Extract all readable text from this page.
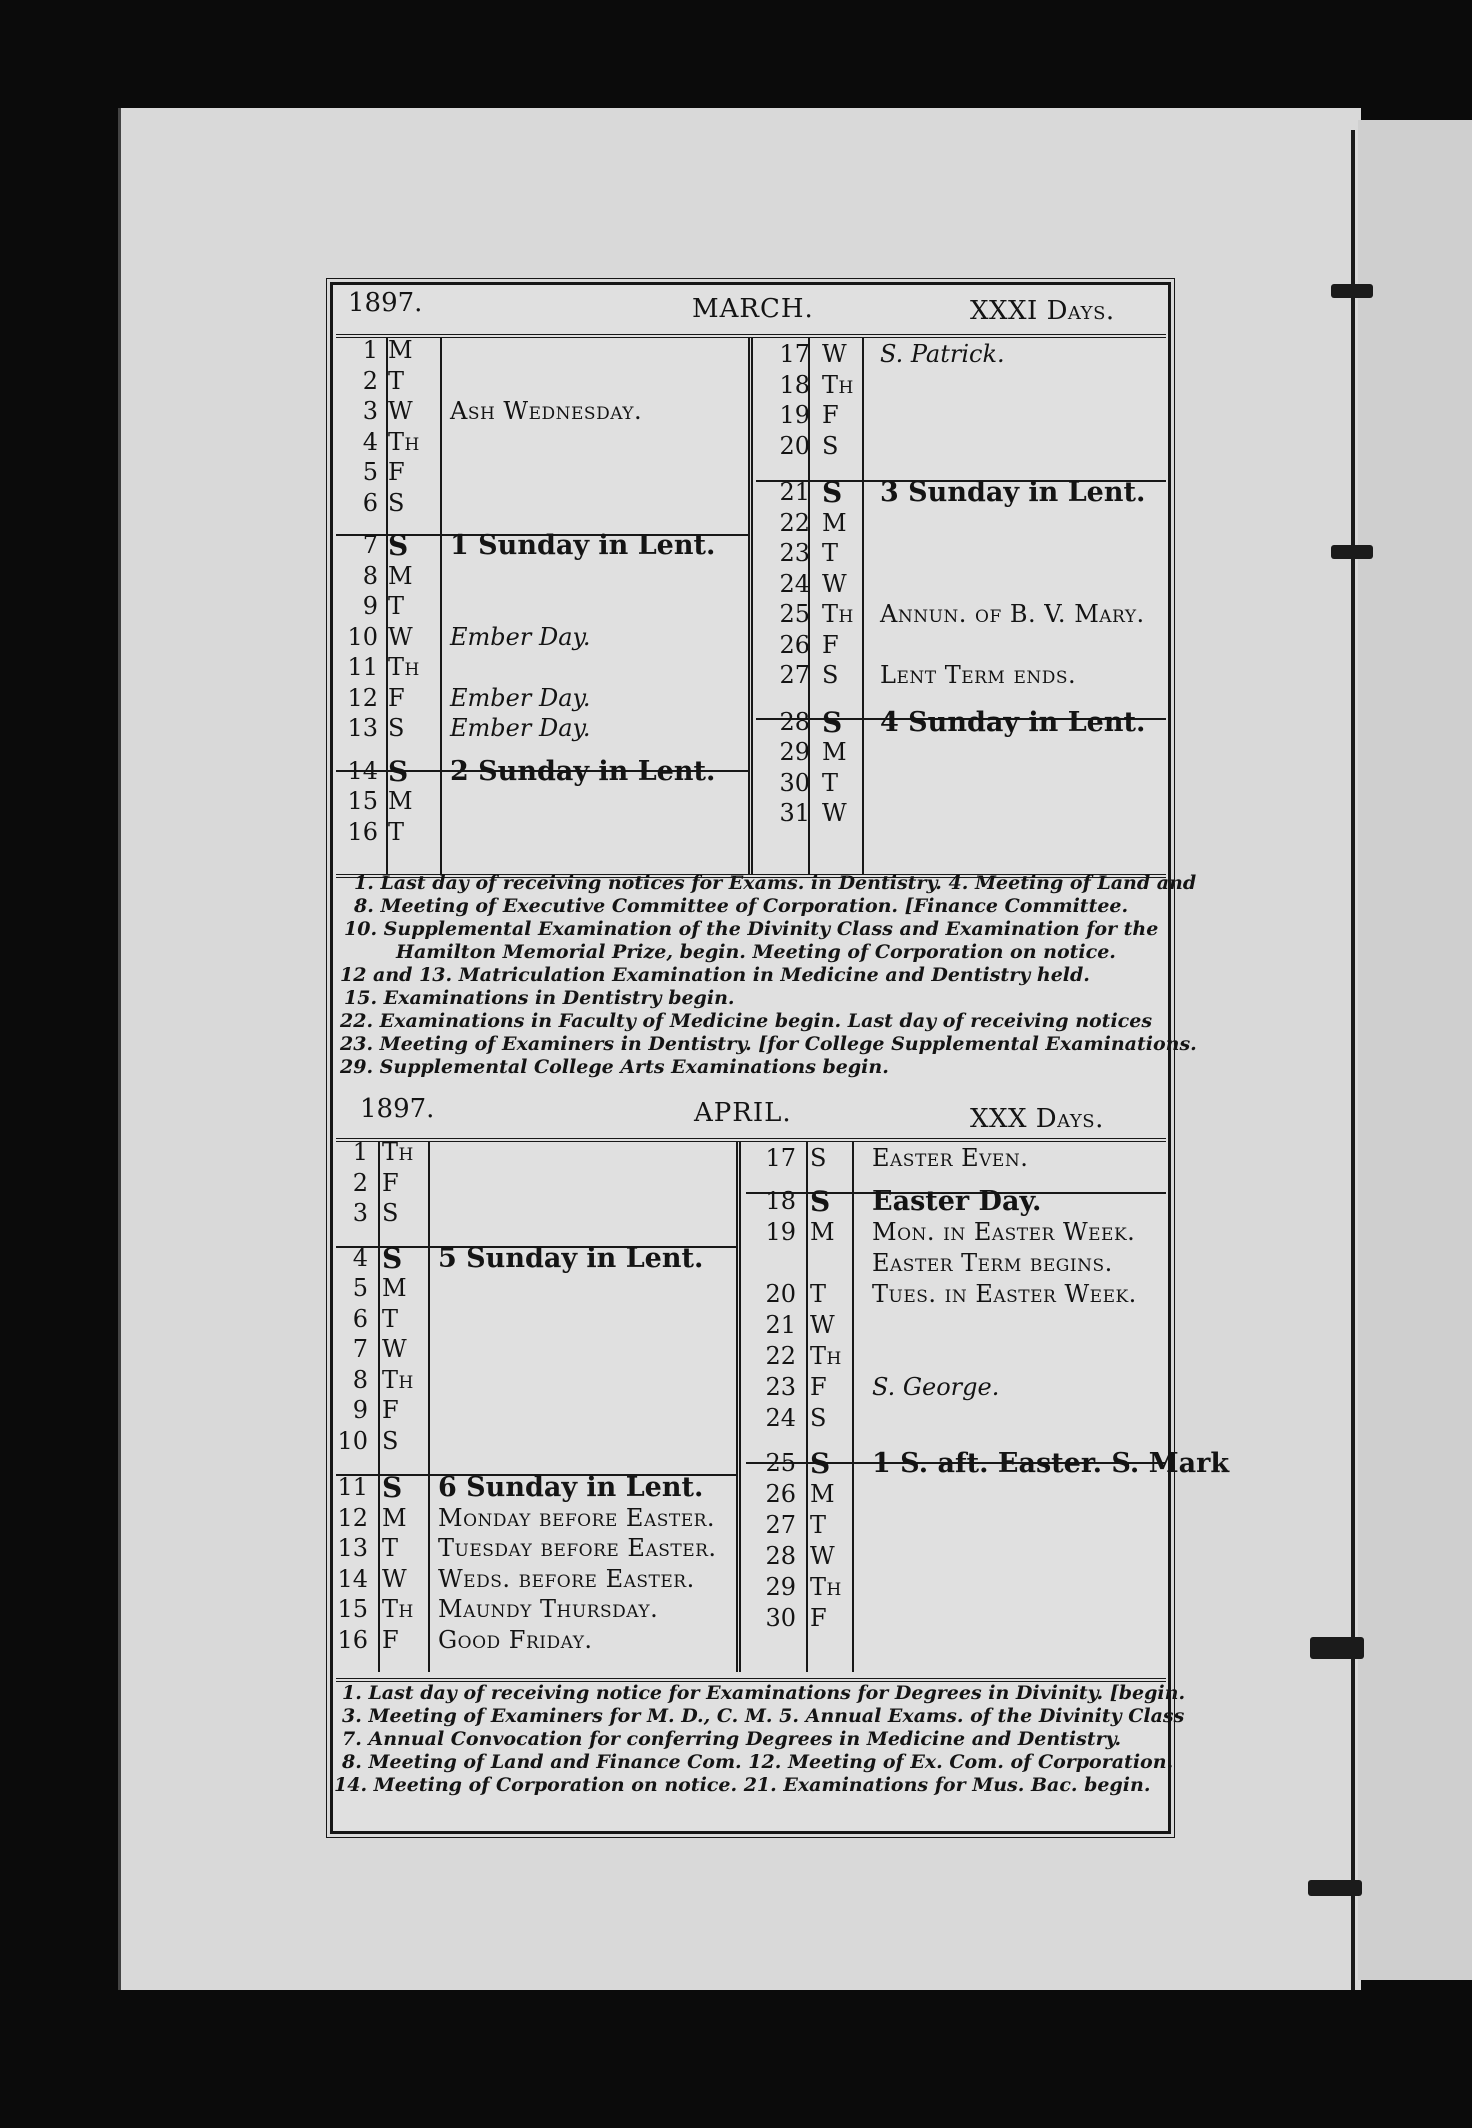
1897.	MARCH.	XXXI Days.
1 M
2 T
3 W Ash Wednesday.
4 Th
5 F
6 S
7 S 1 Sunday in Lent.
8 M
9 T
10 W Ember Day.
11 Th
12 F Ember Day.
13 S Ember Day.
14 S 2 Sunday in Lent.
15 M
16 T
17 W S. Patrick.
18 Th
19 F
20 S
21 S 3 Sunday in Lent.
22 M
23 T
24 W
25 Th Annun. of B. V. Mary.
26 F
27 S Lent Term ends.
28 S 4 Sunday in Lent.
29 M
30 T
31 W
1. Last day of receiving notices for Exams. in Dentistry. 4. Meeting of Land and
8. Meeting of Executive Committee of Corporation. [Finance Committee.
10. Supplemental Examination of the Divinity Class and Examination for the
Hamilton Memorial Prize, begin. Meeting of Corporation on notice.
12 and 13. Matriculation Examination in Medicine and Dentistry held.
15. Examinations in Dentistry begin.
22. Examinations in Faculty of Medicine begin. Last day of receiving notices
23. Meeting of Examiners in Dentistry. [for College Supplemental Examinations.
29. Supplemental College Arts Examinations begin.
1897.	APRIL.	XXX Days.
1 Th
2 F
3 S
4 S 5 Sunday in Lent.
5 M
6 T
7 W
8 Th
9 F
10 S
11 S 6 Sunday in Lent.
12 M Monday before Easter.
13 T Tuesday before Easter.
14 W Weds. before Easter.
15 Th Maundy Thursday.
16 F Good Friday.
17 S Easter Even.
18 S Easter Day.
19 M Mon. in Easter Week.
Easter Term begins.
20 T Tues. in Easter Week.
21 W
22 Th
23 F S. George.
24 S
25 S 1 S. aft. Easter. S. Mark
26 M
27 T
28 W
29 Th
30 F
1. Last day of receiving notice for Examinations for Degrees in Divinity. [begin.
3. Meeting of Examiners for M. D., C. M. 5. Annual Exams. of the Divinity Class
7. Annual Convocation for conferring Degrees in Medicine and Dentistry.
8. Meeting of Land and Finance Com. 12. Meeting of Ex. Com. of Corporation.
14. Meeting of Corporation on notice. 21. Examinations for Mus. Bac. begin.
